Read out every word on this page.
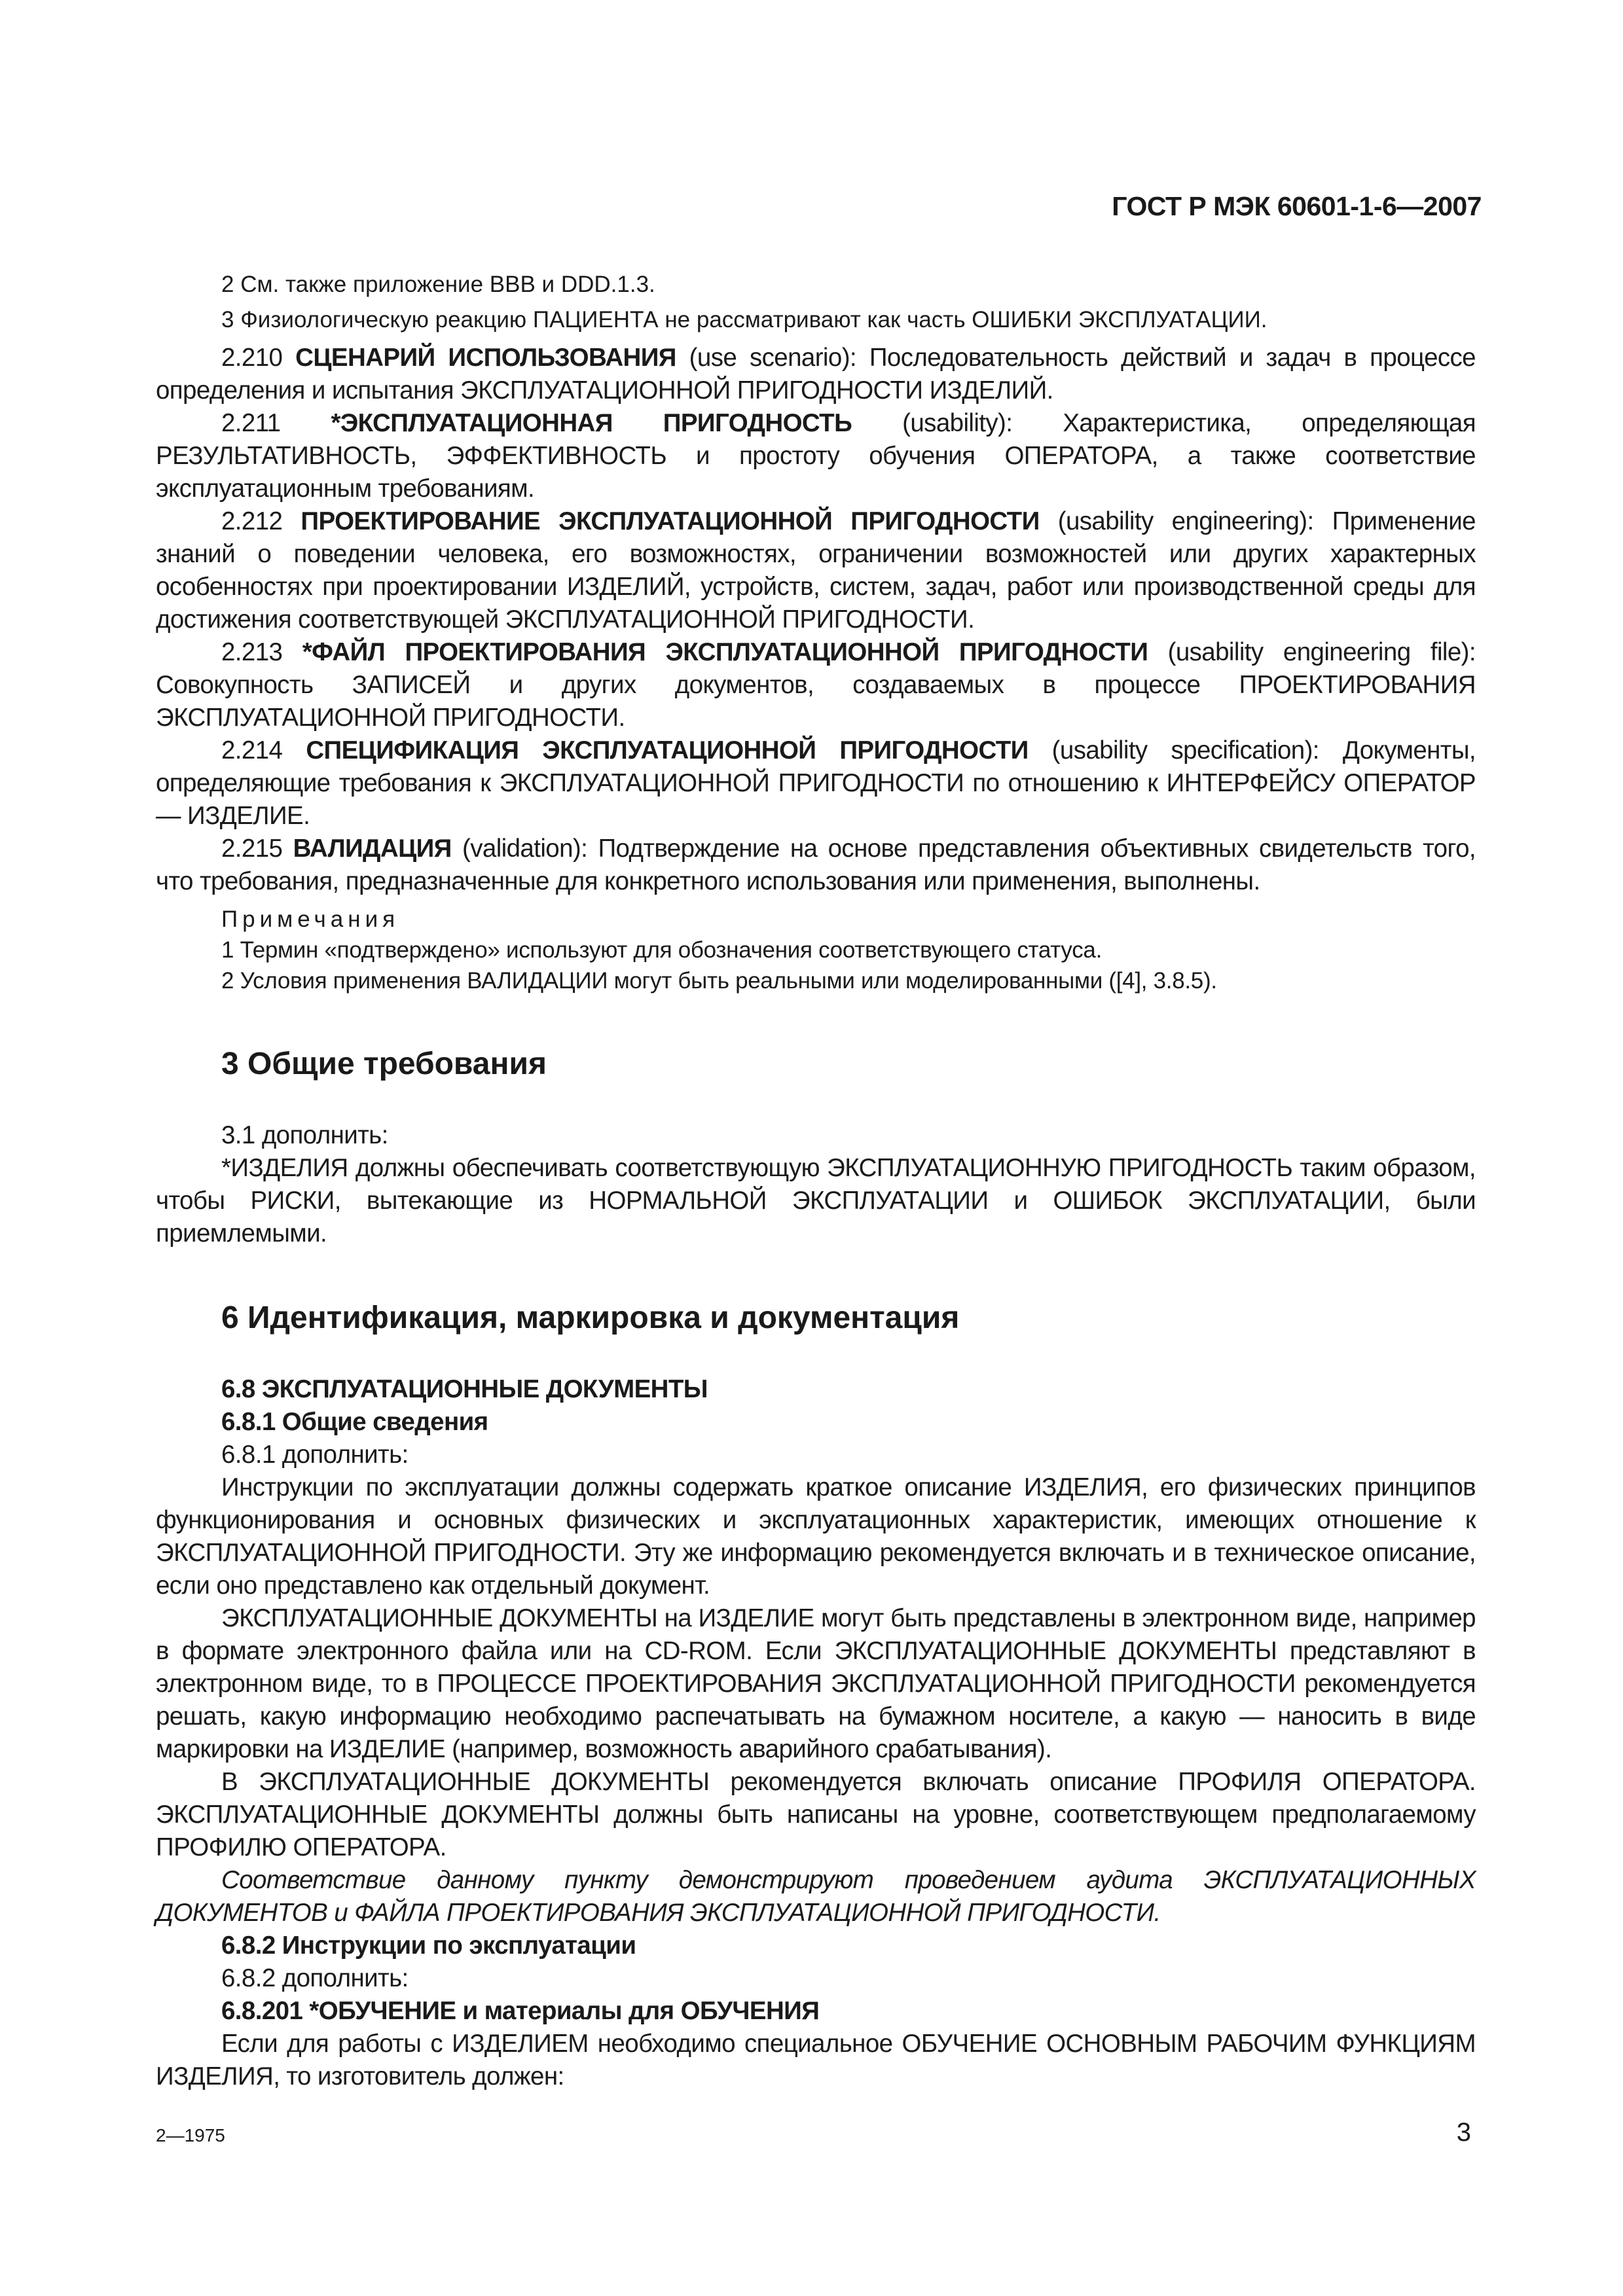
ГОСТ Р МЭК 60601-1-6—2007

2 См. также приложение ВВВ и DDD.1.3.

3 Физиологическую реакцию ПАЦИЕНТА не рассматривают как часть ОШИБКИ ЭКСПЛУАТАЦИИ.

2.210 СЦЕНАРИЙ ИСПОЛЬЗОВАНИЯ (use scenario): Последовательность действий и задач в процессе определения и испытания ЭКСПЛУАТАЦИОННОЙ ПРИГОДНОСТИ ИЗДЕЛИЙ.

2.211 *ЭКСПЛУАТАЦИОННАЯ ПРИГОДНОСТЬ (usability): Характеристика, определяющая РЕЗУЛЬТАТИВНОСТЬ, ЭФФЕКТИВНОСТЬ и простоту обучения ОПЕРАТОРА, а также соответствие эксплуатационным требованиям.

2.212 ПРОЕКТИРОВАНИЕ ЭКСПЛУАТАЦИОННОЙ ПРИГОДНОСТИ (usability engineering): Применение знаний о поведении человека, его возможностях, ограничении возможностей или других характерных особенностях при проектировании ИЗДЕЛИЙ, устройств, систем, задач, работ или производственной среды для достижения соответствующей ЭКСПЛУАТАЦИОННОЙ ПРИГОДНОСТИ.

2.213 *ФАЙЛ ПРОЕКТИРОВАНИЯ ЭКСПЛУАТАЦИОННОЙ ПРИГОДНОСТИ (usability engineering file): Совокупность ЗАПИСЕЙ и других документов, создаваемых в процессе ПРОЕКТИРОВАНИЯ ЭКСПЛУАТАЦИОННОЙ ПРИГОДНОСТИ.

2.214 СПЕЦИФИКАЦИЯ ЭКСПЛУАТАЦИОННОЙ ПРИГОДНОСТИ (usability specification): Документы, определяющие требования к ЭКСПЛУАТАЦИОННОЙ ПРИГОДНОСТИ по отношению к ИНТЕРФЕЙСУ ОПЕРАТОР — ИЗДЕЛИЕ.

2.215 ВАЛИДАЦИЯ (validation): Подтверждение на основе представления объективных свидетельств того, что требования, предназначенные для конкретного использования или применения, выполнены.

Примечания

1 Термин «подтверждено» используют для обозначения соответствующего статуса.

2 Условия применения ВАЛИДАЦИИ могут быть реальными или моделированными ([4], 3.8.5).

3 Общие требования

3.1 дополнить:

*ИЗДЕЛИЯ должны обеспечивать соответствующую ЭКСПЛУАТАЦИОННУЮ ПРИГОДНОСТЬ таким образом, чтобы РИСКИ, вытекающие из НОРМАЛЬНОЙ ЭКСПЛУАТАЦИИ и ОШИБОК ЭКСПЛУАТАЦИИ, были приемлемыми.

6 Идентификация, маркировка и документация

6.8 ЭКСПЛУАТАЦИОННЫЕ ДОКУМЕНТЫ

6.8.1 Общие сведения

6.8.1 дополнить:

Инструкции по эксплуатации должны содержать краткое описание ИЗДЕЛИЯ, его физических принципов функционирования и основных физических и эксплуатационных характеристик, имеющих отношение к ЭКСПЛУАТАЦИОННОЙ ПРИГОДНОСТИ. Эту же информацию рекомендуется включать и в техническое описание, если оно представлено как отдельный документ.

ЭКСПЛУАТАЦИОННЫЕ ДОКУМЕНТЫ на ИЗДЕЛИЕ могут быть представлены в электронном виде, например в формате электронного файла или на CD-ROM. Если ЭКСПЛУАТАЦИОННЫЕ ДОКУМЕНТЫ представляют в электронном виде, то в ПРОЦЕССЕ ПРОЕКТИРОВАНИЯ ЭКСПЛУАТАЦИОННОЙ ПРИГОДНОСТИ рекомендуется решать, какую информацию необходимо распечатывать на бумажном носителе, а какую — наносить в виде маркировки на ИЗДЕЛИЕ (например, возможность аварийного срабатывания).

В ЭКСПЛУАТАЦИОННЫЕ ДОКУМЕНТЫ рекомендуется включать описание ПРОФИЛЯ ОПЕРАТОРА. ЭКСПЛУАТАЦИОННЫЕ ДОКУМЕНТЫ должны быть написаны на уровне, соответствующем предполагаемому ПРОФИЛЮ ОПЕРАТОРА.

Соответствие данному пункту демонстрируют проведением аудита ЭКСПЛУАТАЦИОННЫХ ДОКУМЕНТОВ и ФАЙЛА ПРОЕКТИРОВАНИЯ ЭКСПЛУАТАЦИОННОЙ ПРИГОДНОСТИ.

6.8.2 Инструкции по эксплуатации

6.8.2 дополнить:

6.8.201 *ОБУЧЕНИЕ и материалы для ОБУЧЕНИЯ

Если для работы с ИЗДЕЛИЕМ необходимо специальное ОБУЧЕНИЕ ОСНОВНЫМ РАБОЧИМ ФУНКЦИЯМ ИЗДЕЛИЯ, то изготовитель должен:

2—1975	3
